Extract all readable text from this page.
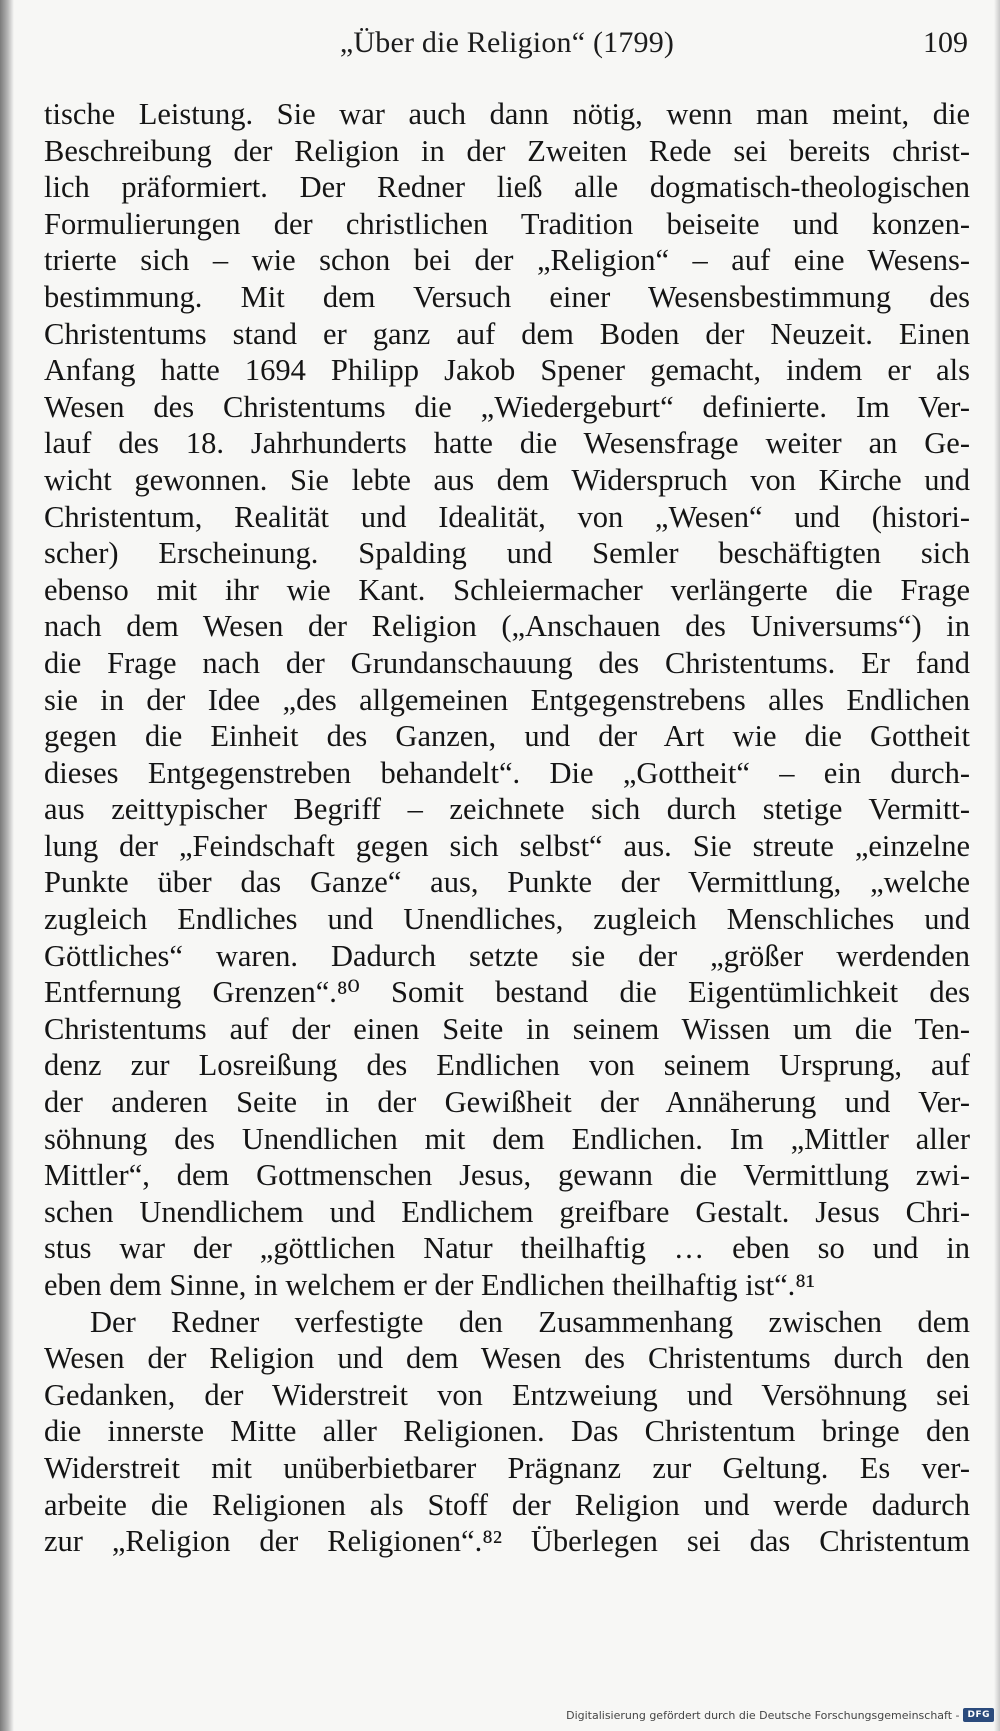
„Über die Religion“ (1799)	109
tische Leistung. Sie war auch dann nötig, wenn man meint, die
Beschreibung der Religion in der Zweiten Rede sei bereits christ-
lich präformiert. Der Redner ließ alle dogmatisch-theologischen
Formulierungen der christlichen Tradition beiseite und konzen-
trierte sich – wie schon bei der „Religion“ – auf eine Wesens-
bestimmung. Mit dem Versuch einer Wesensbestimmung des
Christentums stand er ganz auf dem Boden der Neuzeit. Einen
Anfang hatte 1694 Philipp Jakob Spener gemacht, indem er als
Wesen des Christentums die „Wiedergeburt“ definierte. Im Ver-
lauf des 18. Jahrhunderts hatte die Wesensfrage weiter an Ge-
wicht gewonnen. Sie lebte aus dem Widerspruch von Kirche und
Christentum, Realität und Idealität, von „Wesen“ und (histori-
scher) Erscheinung. Spalding und Semler beschäftigten sich
ebenso mit ihr wie Kant. Schleiermacher verlängerte die Frage
nach dem Wesen der Religion („Anschauen des Universums“) in
die Frage nach der Grundanschauung des Christentums. Er fand
sie in der Idee „des allgemeinen Entgegenstrebens alles Endlichen
gegen die Einheit des Ganzen, und der Art wie die Gottheit
dieses Entgegenstreben behandelt“. Die „Gottheit“ – ein durch-
aus zeittypischer Begriff – zeichnete sich durch stetige Vermitt-
lung der „Feindschaft gegen sich selbst“ aus. Sie streute „einzelne
Punkte über das Ganze“ aus, Punkte der Vermittlung, „welche
zugleich Endliches und Unendliches, zugleich Menschliches und
Göttliches“ waren. Dadurch setzte sie der „größer werdenden
Entfernung Grenzen“.⁸⁰ Somit bestand die Eigentümlichkeit des
Christentums auf der einen Seite in seinem Wissen um die Ten-
denz zur Losreißung des Endlichen von seinem Ursprung, auf
der anderen Seite in der Gewißheit der Annäherung und Ver-
söhnung des Unendlichen mit dem Endlichen. Im „Mittler aller
Mittler“, dem Gottmenschen Jesus, gewann die Vermittlung zwi-
schen Unendlichem und Endlichem greifbare Gestalt. Jesus Chri-
stus war der „göttlichen Natur theilhaftig … eben so und in
eben dem Sinne, in welchem er der Endlichen theilhaftig ist“.⁸¹
Der Redner verfestigte den Zusammenhang zwischen dem
Wesen der Religion und dem Wesen des Christentums durch den
Gedanken, der Widerstreit von Entzweiung und Versöhnung sei
die innerste Mitte aller Religionen. Das Christentum bringe den
Widerstreit mit unüberbietbarer Prägnanz zur Geltung. Es ver-
arbeite die Religionen als Stoff der Religion und werde dadurch
zur „Religion der Religionen“.⁸² Überlegen sei das Christentum
Digitalisierung gefördert durch die Deutsche Forschungsgemeinschaft - DFG
